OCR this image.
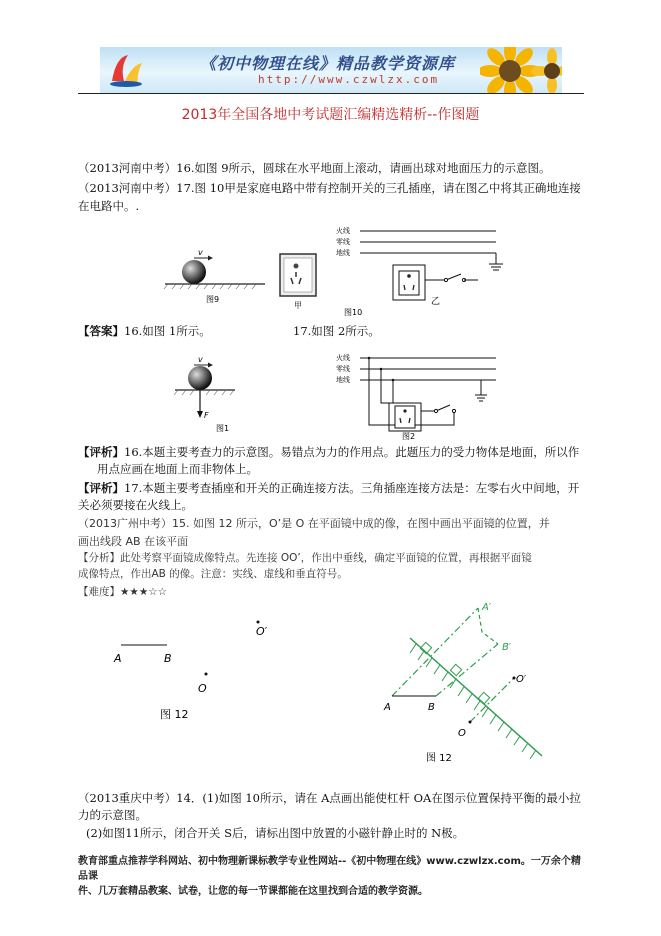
《初中物理在线》精品教学资源库
http://www.czwlzx.com
2013年全国各地中考试题汇编精选精析--作图题
（2013河南中考）16.如图 9所示，圆球在水平地面上滚动，请画出球对地面压力的示意图。
（2013河南中考）17.图 10甲是家庭电路中带有控制开关的三孔插座，请在图乙中将其正确地连接
在电路中。.
v
图9
甲
火线
零线
地线
乙
图10
【答案】16.如图 1所示。	17.如图 2所示。
v
F
图1
火线
零线
地线
图2
【评析】16.本题主要考查力的示意图。易错点为力的作用点。此题压力的受力物体是地面，所以作
用点应画在地面上而非物体上。
【评析】17.本题主要考查插座和开关的正确连接方法。三角插座连接方法是：左零右火中间地，开
关必须要接在火线上。
（2013广州中考）15. 如图 12 所示，O’是 O 在平面镜中成的像，在图中画出平面镜的位置，并
画出线段 AB 在该平面
【分析】此处考察平面镜成像特点。先连接 OO’，作出中垂线，确定平面镜的位置，再根据平面镜
成像特点，作出AB 的像。注意：实线、虚线和垂直符号。
【难度】★★★☆☆
O′
A	B
O
图 12
A′
B′
O′
A	B
O
图 12
（2013重庆中考）14．(1)如图 10所示，请在 A点画出能使杠杆 OA在图示位置保持平衡的最小拉
力的示意图。
(2)如图11所示，闭合开关 S后，请标出图中放置的小磁针静止时的 N极。
教育部重点推荐学科网站、初中物理新课标教学专业性网站--《初中物理在线》www.czwlzx.com。一万余个精品课
件、几万套精品教案、试卷，让您的每一节课都能在这里找到合适的教学资源。
